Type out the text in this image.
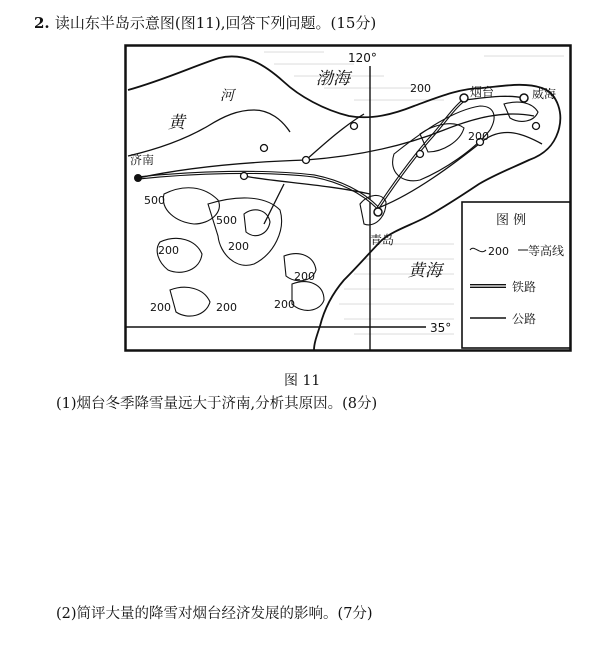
2. 读山东半岛示意图(图11),回答下列问题。(15分)
黄
河
渤海
黄海
120°
35°
济南
烟台	威海
青岛
500
500
200
200	200
200
200
200
200
200
图 例
200 等高线
铁路
公路
图 11
(1)烟台冬季降雪量远大于济南,分析其原因。(8分)
(2)简评大量的降雪对烟台经济发展的影响。(7分)
